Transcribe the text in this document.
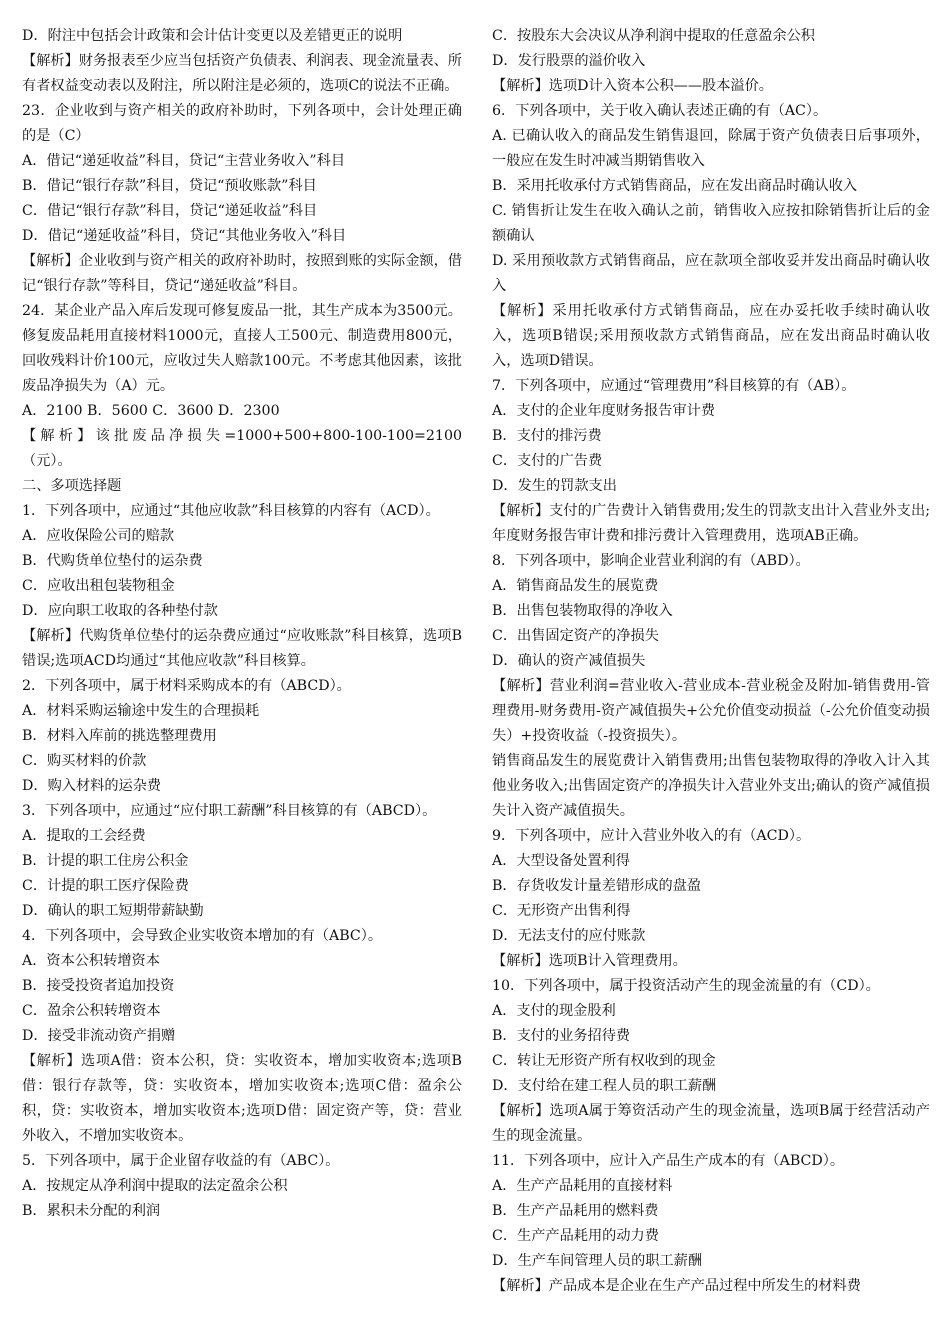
D．附注中包括会计政策和会计估计变更以及差错更正的说明

【解析】财务报表至少应当包括资产负债表、利润表、现金流量表、所有者权益变动表以及附注，所以附注是必须的，选项C的说法不正确。

23．企业收到与资产相关的政府补助时，下列各项中，会计处理正确的是（C）

A．借记“递延收益”科目，贷记“主营业务收入”科目

B．借记“银行存款”科目，贷记“预收账款”科目

C．借记“银行存款”科目，贷记“递延收益”科目

D．借记“递延收益”科目，贷记“其他业务收入”科目

【解析】企业收到与资产相关的政府补助时，按照到账的实际金额，借记“银行存款”等科目，贷记“递延收益”科目。

24．某企业产品入库后发现可修复废品一批，其生产成本为3500元。修复废品耗用直接材料1000元，直接人工500元、制造费用800元，回收残料计价100元，应收过失人赔款100元。不考虑其他因素，该批废品净损失为（A）元。

A．2100 B．5600 C．3600 D．2300

【解析】该批废品净损失=1000+500+800-100-100=2100（元）。

二、多项选择题

1．下列各项中，应通过“其他应收款”科目核算的内容有（ACD）。

A．应收保险公司的赔款

B．代购货单位垫付的运杂费

C．应收出租包装物租金

D．应向职工收取的各种垫付款

【解析】代购货单位垫付的运杂费应通过“应收账款”科目核算，选项B错误;选项ACD均通过“其他应收款”科目核算。

2．下列各项中，属于材料采购成本的有（ABCD）。

A．材料采购运输途中发生的合理损耗

B．材料入库前的挑选整理费用

C．购买材料的价款

D．购入材料的运杂费

3．下列各项中，应通过“应付职工薪酬”科目核算的有（ABCD）。

A．提取的工会经费

B．计提的职工住房公积金

C．计提的职工医疗保险费

D．确认的职工短期带薪缺勤

4．下列各项中，会导致企业实收资本增加的有（ABC）。

A．资本公积转增资本

B．接受投资者追加投资

C．盈余公积转增资本

D．接受非流动资产捐赠

【解析】选项A借：资本公积，贷：实收资本，增加实收资本;选项B借：银行存款等，贷：实收资本，增加实收资本;选项C借：盈余公积，贷：实收资本，增加实收资本;选项D借：固定资产等，贷：营业外收入，不增加实收资本。

5．下列各项中，属于企业留存收益的有（ABC）。

A．按规定从净利润中提取的法定盈余公积

B．累积未分配的利润

C．按股东大会决议从净利润中提取的任意盈余公积

D．发行股票的溢价收入

【解析】选项D计入资本公积——股本溢价。

6．下列各项中，关于收入确认表述正确的有（AC）。

A. 已确认收入的商品发生销售退回，除属于资产负债表日后事项外，一般应在发生时冲减当期销售收入

B．采用托收承付方式销售商品，应在发出商品时确认收入

C. 销售折让发生在收入确认之前，销售收入应按扣除销售折让后的金额确认

D. 采用预收款方式销售商品，应在款项全部收妥并发出商品时确认收入

【解析】采用托收承付方式销售商品，应在办妥托收手续时确认收入，选项B错误;采用预收款方式销售商品，应在发出商品时确认收入，选项D错误。

7．下列各项中，应通过“管理费用”科目核算的有（AB）。

A．支付的企业年度财务报告审计费

B．支付的排污费

C．支付的广告费

D．发生的罚款支出

【解析】支付的广告费计入销售费用;发生的罚款支出计入营业外支出;年度财务报告审计费和排污费计入管理费用，选项AB正确。

8．下列各项中，影响企业营业利润的有（ABD）。

A．销售商品发生的展览费

B．出售包装物取得的净收入

C．出售固定资产的净损失

D．确认的资产减值损失

【解析】营业利润=营业收入-营业成本-营业税金及附加-销售费用-管理费用-财务费用-资产减值损失+公允价值变动损益（-公允价值变动损失）+投资收益（-投资损失）。

销售商品发生的展览费计入销售费用;出售包装物取得的净收入计入其他业务收入;出售固定资产的净损失计入营业外支出;确认的资产减值损失计入资产减值损失。

9．下列各项中，应计入营业外收入的有（ACD）。

A．大型设备处置利得

B．存货收发计量差错形成的盘盈

C．无形资产出售利得

D．无法支付的应付账款

【解析】选项B计入管理费用。

10．下列各项中，属于投资活动产生的现金流量的有（CD）。

A．支付的现金股利

B．支付的业务招待费

C．转让无形资产所有权收到的现金

D．支付给在建工程人员的职工薪酬

【解析】选项A属于筹资活动产生的现金流量，选项B属于经营活动产生的现金流量。

11．下列各项中，应计入产品生产成本的有（ABCD）。

A．生产产品耗用的直接材料

B．生产产品耗用的燃料费

C．生产产品耗用的动力费

D．生产车间管理人员的职工薪酬

【解析】产品成本是企业在生产产品过程中所发生的材料费
